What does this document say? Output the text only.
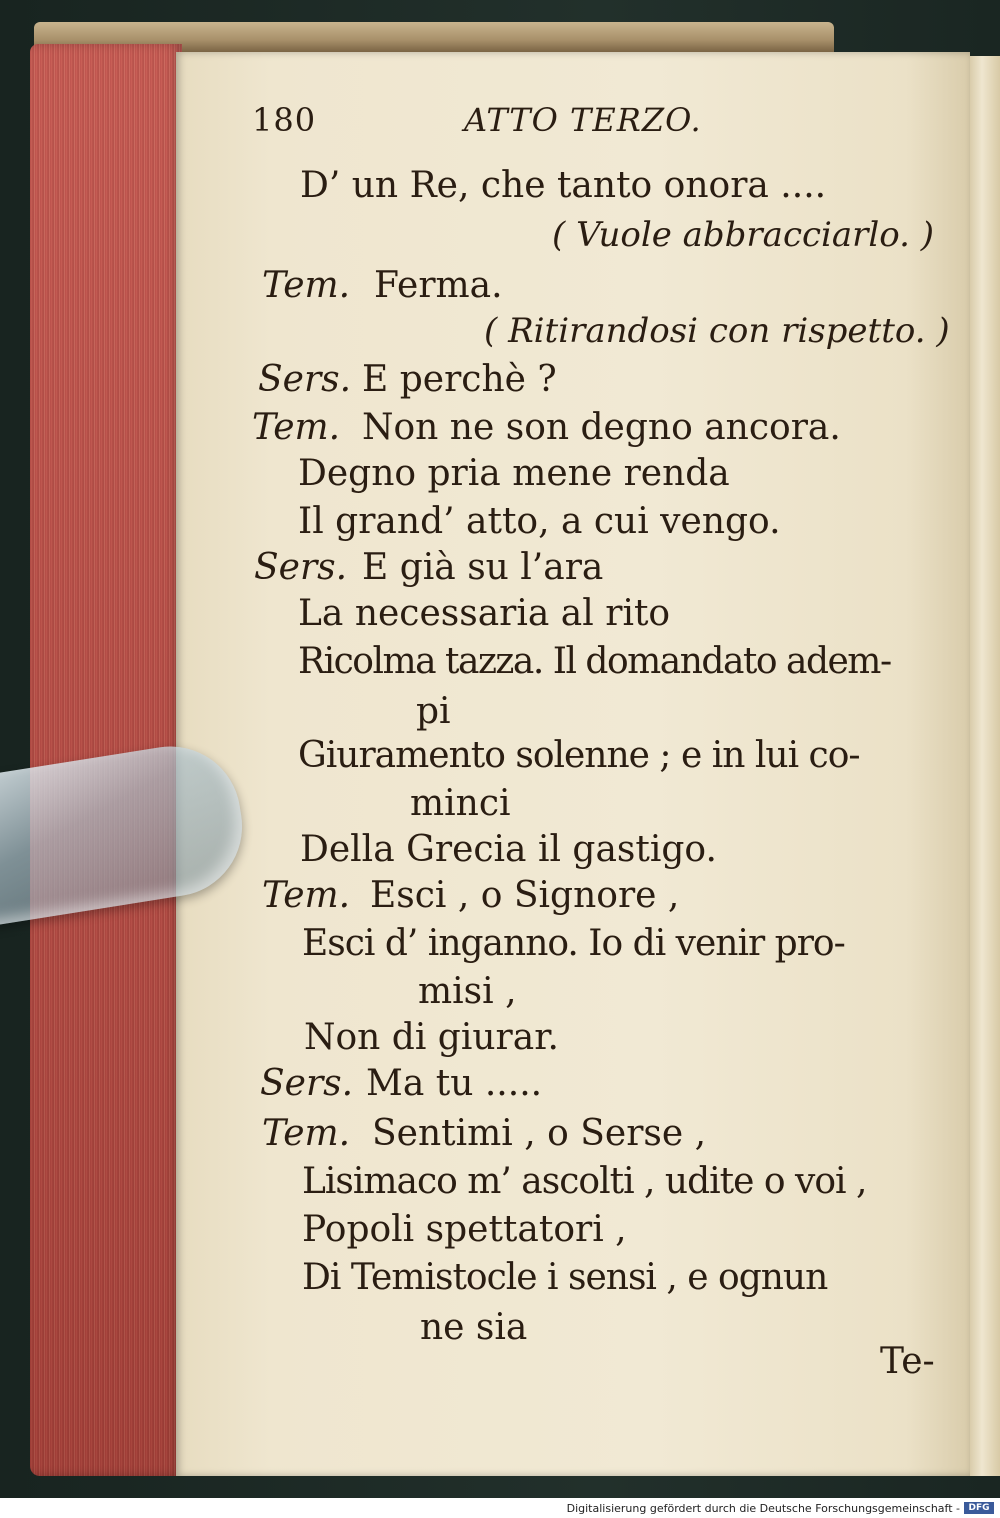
180	ATTO TERZO.

D’ un Re, che tanto onora ....

( Vuole abbracciarlo. )

Tem. Ferma.

( Ritirandosi con rispetto. )

Sers. E perchè ?

Tem. Non ne son degno ancora.

Degno pria mene renda

Il grand’ atto, a cui vengo.

Sers. E già su l’ara

La necessaria al rito

Ricolma tazza. Il domandato adem-

pi

Giuramento solenne ; e in lui co-

minci

Della Grecia il gastigo.

Tem. Esci , o Signore ,

Esci d’ inganno. Io di venir pro-

misi ,

Non di giurar.

Sers. Ma tu .....

Tem. Sentimi , o Serse ,

Lisimaco m’ ascolti , udite o voi ,

Popoli spettatori ,

Di Temistocle i sensi , e ognun

ne sia

Te-

Digitalisierung gefördert durch die Deutsche Forschungsgemeinschaft - DFG
